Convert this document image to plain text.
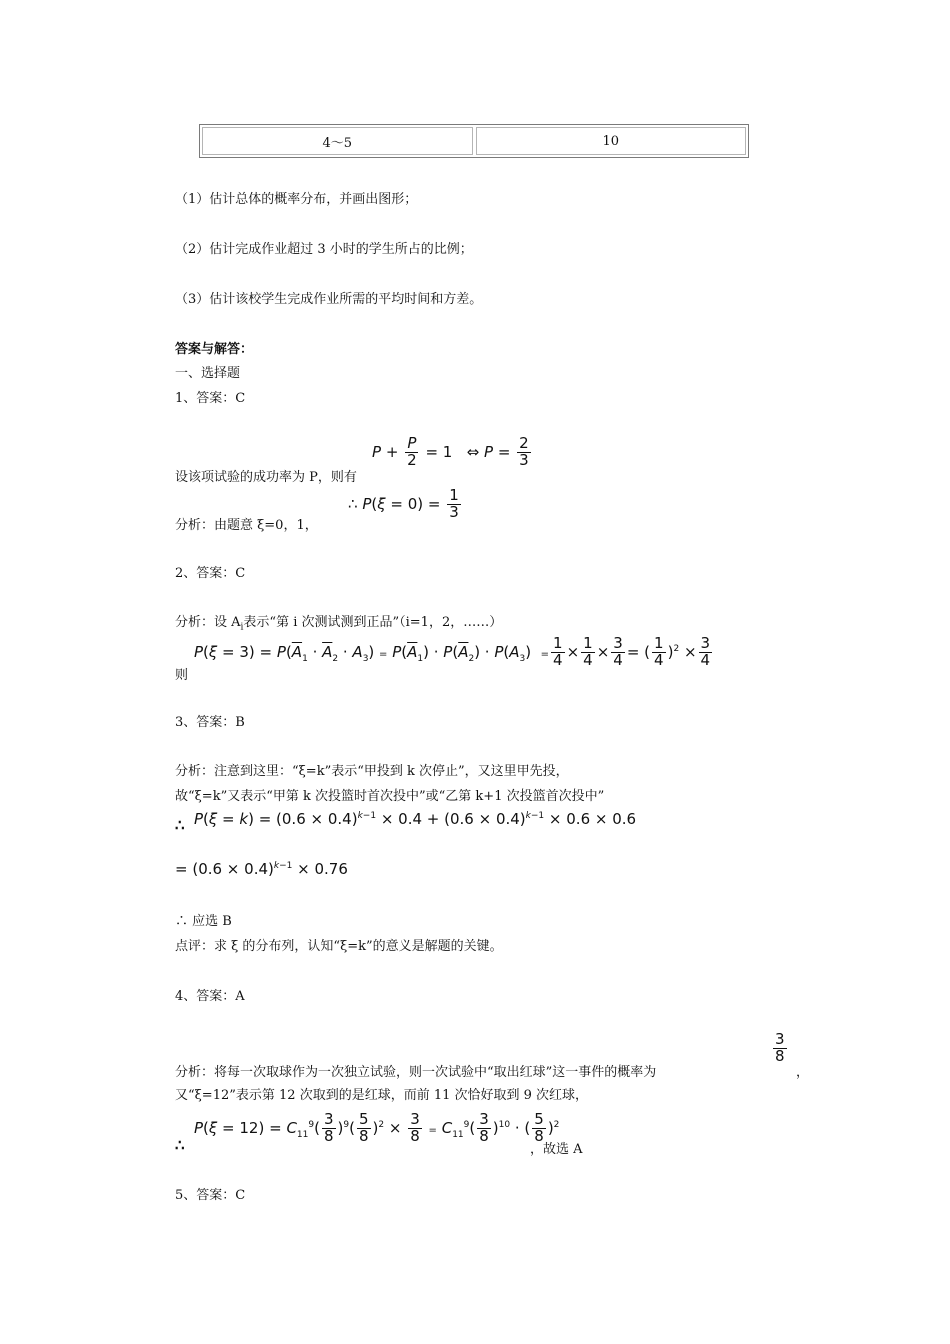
4～5	10
（1）估计总体的概率分布，并画出图形；
（2）估计完成作业超过 3 小时的学生所占的比例；
（3）估计该校学生完成作业所需的平均时间和方差。
答案与解答：
一、选择题
1、答案：C
$P + \frac{P}{2} = 1$   ⇔ $P = \frac{2}{3}$
设该项试验的成功率为 P，则有
∴ $P(\xi = 0) = \frac{1}{3}$
分析：由题意 ξ=0，1，
2、答案：C
分析：设 $A_i$表示“第 i 次测试测到正品”（i=1，2，……）
则
$P(\xi = 3) = P(\overline{A}_1 \cdot \overline{A}_2 \cdot A_3) = P(\overline{A}_1) \cdot P(\overline{A}_2) \cdot P(A_3) = \frac{1}{4} \times \frac{1}{4} \times \frac{3}{4}$ = ( $\frac{1}{4} )^2 \times \frac{3}{4}$
3、答案：B
分析：注意到这里：“ξ=k”表示“甲投到 k 次停止”，又这里甲先投，
故“ξ=k”又表示“甲第 k 次投篮时首次投中”或“乙第 k+1 次投篮首次投中”
∴ $P(\xi = k) = (0.6 \times 0.4)^{k-1} \times 0.4 + (0.6 \times 0.4)^{k-1} \times 0.6 \times 0.6$
= $(0.6 \times 0.4)^{k-1} \times 0.76$
∴ 应选 B
点评：求 ξ 的分布列，认知“ξ=k”的意义是解题的关键。
4、答案：A
分析：将每一次取球作为一次独立试验，则一次试验中“取出红球”这一事件的概率为
$\frac{3}{8}$
，
又“ξ=12”表示第 12 次取到的是红球，而前 11 次恰好取到 9 次红球，
∴
$P(\xi = 12) = C_{11}^9( \frac{3}{8} )^9( \frac{5}{8} )^2 \times \frac{3}{8} = C_{11}^9( \frac{3}{8} )^{10}$ · ( $\frac{5}{8} )^2$
，故选 A
5、答案：C
